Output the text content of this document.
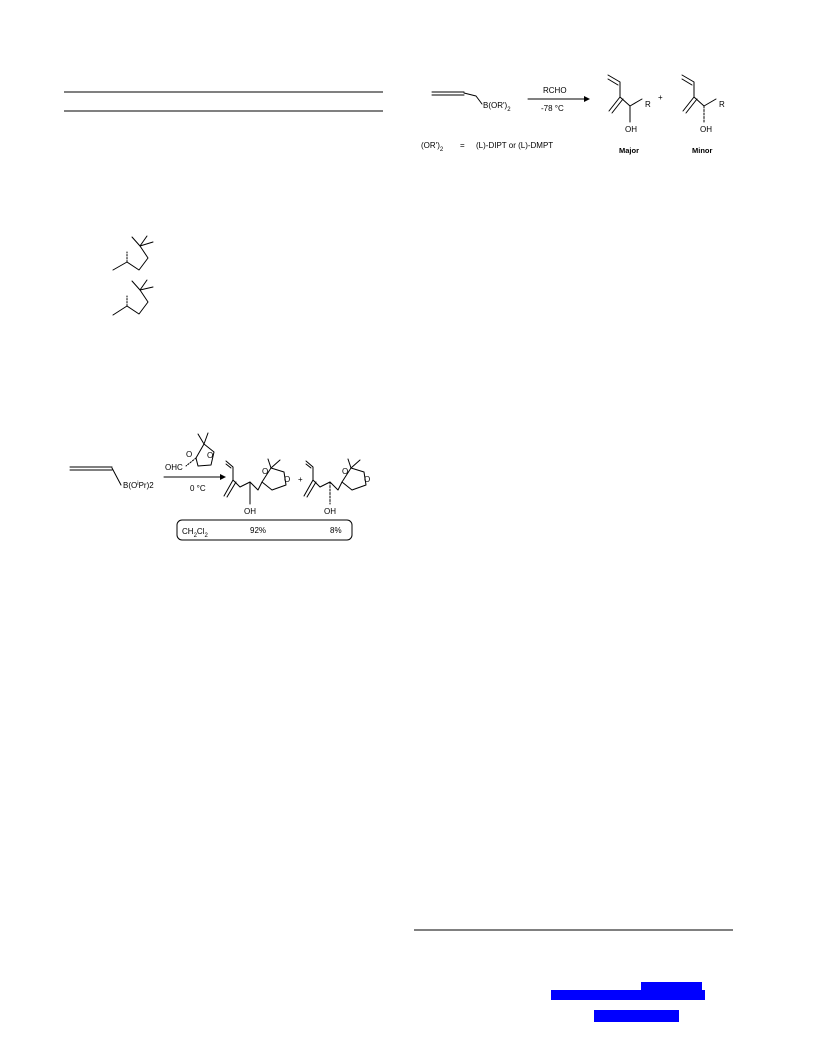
$B(O^iPr)2$
O O
OHC
0 °C
O
O
OH
+
O
O
OH
$CH_2Cl_2$
92%	8%
$B(OR')_2$
RCHO
-78 °C	R
OH
+
R
OH
Major	Minor
$(OR')_2$ = (L)-DIPT or (L)-DMPT
